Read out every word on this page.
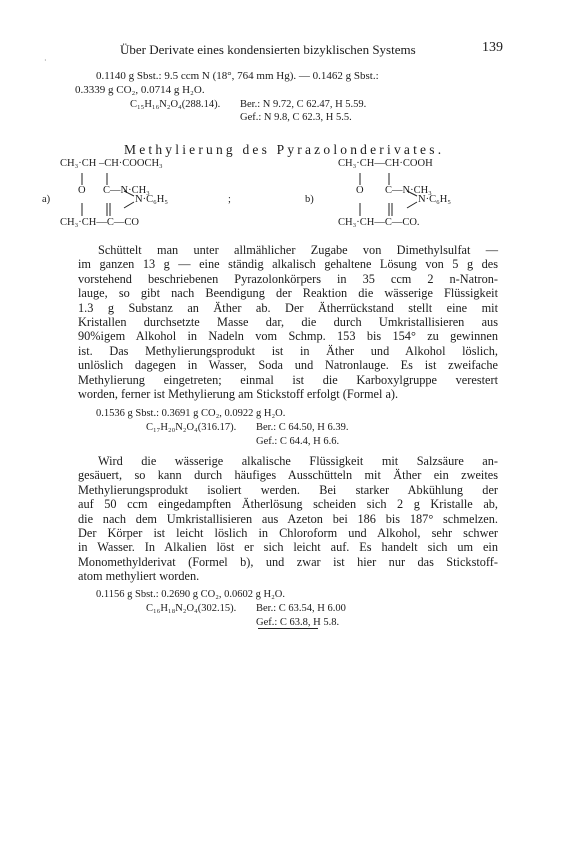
·
Über Derivate eines kondensierten bizyklischen Systems	139
0.1140 g Sbst.: 9.5 ccm N (18°, 764 mm Hg). — 0.1462 g Sbst.:
0.3339 g CO₂, 0.0714 g H₂O.
C₁₅H₁₆N₂O₄(288.14). Ber.: N 9.72, C 62.47, H 5.59.
Gef.: N 9.8, C 62.3, H 5.5.
Methylierung des Pyrazolonderivates.
CH₃·CH –CH·COOCH₃
a)
O C—N·CH₃
N·C₆H₅
CH₃·CH—C—CO
;
CH₃·CH—CH·COOH
b)
O C—N·CH₃
N·C₆H₅
CH₃·CH—C—CO.
Schüttelt man unter allmählicher Zugabe von Dimethylsulfat —
im ganzen 13 g — eine ständig alkalisch gehaltene Lösung von 5 g des
vorstehend beschriebenen Pyrazolonkörpers in 35 ccm 2 n-Natron-
lauge, so gibt nach Beendigung der Reaktion die wässerige Flüssigkeit
1.3 g Substanz an Äther ab. Der Ätherrückstand stellt eine mit
Kristallen durchsetzte Masse dar, die durch Umkristallisieren aus
90%igem Alkohol in Nadeln vom Schmp. 153 bis 154° zu gewinnen
ist. Das Methylierungsprodukt ist in Äther und Alkohol löslich,
unlöslich dagegen in Wasser, Soda und Natronlauge. Es ist zweifache
Methylierung eingetreten; einmal ist die Karboxylgruppe verestert
worden, ferner ist Methylierung am Stickstoff erfolgt (Formel a).
0.1536 g Sbst.: 0.3691 g CO₂, 0.0922 g H₂O.
C₁₇H₂₀N₂O₄(316.17). Ber.: C 64.50, H 6.39.
Gef.: C 64.4, H 6.6.
Wird die wässerige alkalische Flüssigkeit mit Salzsäure an-
gesäuert, so kann durch häufiges Ausschütteln mit Äther ein zweites
Methylierungsprodukt isoliert werden. Bei starker Abkühlung der
auf 50 ccm eingedampften Ätherlösung scheiden sich 2 g Kristalle ab,
die nach dem Umkristallisieren aus Azeton bei 186 bis 187° schmelzen.
Der Körper ist leicht löslich in Chloroform und Alkohol, sehr schwer
in Wasser. In Alkalien löst er sich leicht auf. Es handelt sich um ein
Monomethylderivat (Formel b), und zwar ist hier nur das Stickstoff-
atom methyliert worden.
0.1156 g Sbst.: 0.2690 g CO₂, 0.0602 g H₂O.
C₁₆H₁₈N₂O₄(302.15). Ber.: C 63.54, H 6.00
Gef.: C 63.8, H 5.8.
